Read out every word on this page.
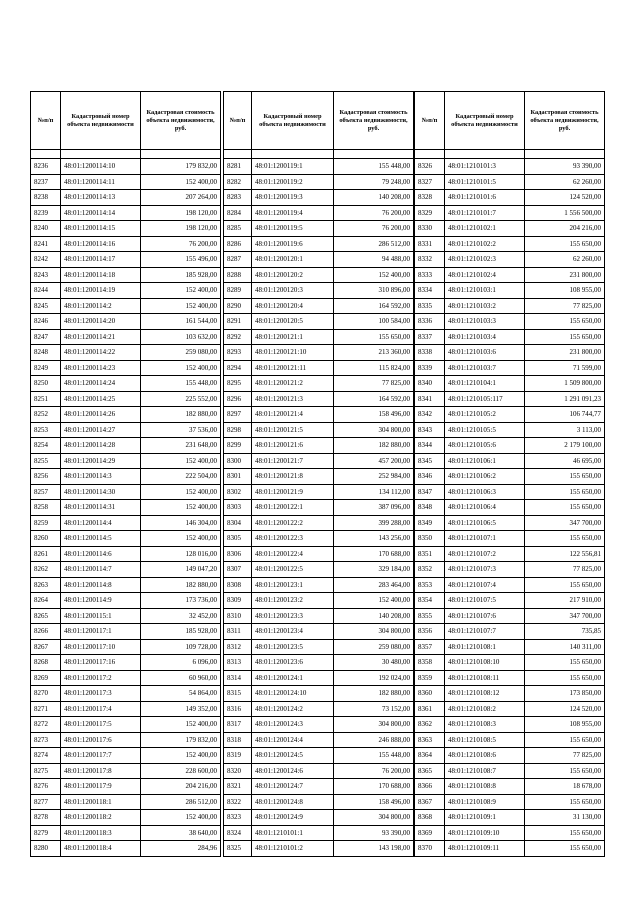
№п/п	Кадастровый номер объекта недвижимости	Кадастровая стоимость объекта недвижимости, руб.

8236	48:01:1200114:10	179 832,00
8237	48:01:1200114:11	152 400,00
8238	48:01:1200114:13	207 264,00
8239	48:01:1200114:14	198 120,00
8240	48:01:1200114:15	198 120,00
8241	48:01:1200114:16	76 200,00
8242	48:01:1200114:17	155 496,00
8243	48:01:1200114:18	185 928,00
8244	48:01:1200114:19	152 400,00
8245	48:01:1200114:2	152 400,00
8246	48:01:1200114:20	161 544,00
8247	48:01:1200114:21	103 632,00
8248	48:01:1200114:22	259 080,00
8249	48:01:1200114:23	152 400,00
8250	48:01:1200114:24	155 448,00
8251	48:01:1200114:25	225 552,00
8252	48:01:1200114:26	182 880,00
8253	48:01:1200114:27	37 536,00
8254	48:01:1200114:28	231 648,00
8255	48:01:1200114:29	152 400,00
8256	48:01:1200114:3	222 504,00
8257	48:01:1200114:30	152 400,00
8258	48:01:1200114:31	152 400,00
8259	48:01:1200114:4	146 304,00
8260	48:01:1200114:5	152 400,00
8261	48:01:1200114:6	128 016,00
8262	48:01:1200114:7	149 047,20
8263	48:01:1200114:8	182 880,00
8264	48:01:1200114:9	173 736,00
8265	48:01:1200115:1	32 452,00
8266	48:01:1200117:1	185 928,00
8267	48:01:1200117:10	109 728,00
8268	48:01:1200117:16	6 096,00
8269	48:01:1200117:2	60 960,00
8270	48:01:1200117:3	54 864,00
8271	48:01:1200117:4	149 352,00
8272	48:01:1200117:5	152 400,00
8273	48:01:1200117:6	179 832,00
8274	48:01:1200117:7	152 400,00
8275	48:01:1200117:8	228 600,00
8276	48:01:1200117:9	204 216,00
8277	48:01:1200118:1	286 512,00
8278	48:01:1200118:2	152 400,00
8279	48:01:1200118:3	38 640,00
8280	48:01:1200118:4	284,96
№п/п	Кадастровый номер объекта недвижимости	Кадастровая стоимость объекта недвижимости, руб.

8281	48:01:1200119:1	155 448,00
8282	48:01:1200119:2	79 248,00
8283	48:01:1200119:3	140 208,00
8284	48:01:1200119:4	76 200,00
8285	48:01:1200119:5	76 200,00
8286	48:01:1200119:6	286 512,00
8287	48:01:1200120:1	94 488,00
8288	48:01:1200120:2	152 400,00
8289	48:01:1200120:3	310 896,00
8290	48:01:1200120:4	164 592,00
8291	48:01:1200120:5	100 584,00
8292	48:01:1200121:1	155 650,00
8293	48:01:1200121:10	213 360,00
8294	48:01:1200121:11	115 824,00
8295	48:01:1200121:2	77 825,00
8296	48:01:1200121:3	164 592,00
8297	48:01:1200121:4	158 496,00
8298	48:01:1200121:5	304 800,00
8299	48:01:1200121:6	182 880,00
8300	48:01:1200121:7	457 200,00
8301	48:01:1200121:8	252 984,00
8302	48:01:1200121:9	134 112,00
8303	48:01:1200122:1	387 096,00
8304	48:01:1200122:2	399 288,00
8305	48:01:1200122:3	143 256,00
8306	48:01:1200122:4	170 688,00
8307	48:01:1200122:5	329 184,00
8308	48:01:1200123:1	283 464,00
8309	48:01:1200123:2	152 400,00
8310	48:01:1200123:3	140 208,00
8311	48:01:1200123:4	304 800,00
8312	48:01:1200123:5	259 080,00
8313	48:01:1200123:6	30 480,00
8314	48:01:1200124:1	192 024,00
8315	48:01:1200124:10	182 880,00
8316	48:01:1200124:2	73 152,00
8317	48:01:1200124:3	304 800,00
8318	48:01:1200124:4	246 888,00
8319	48:01:1200124:5	155 448,00
8320	48:01:1200124:6	76 200,00
8321	48:01:1200124:7	170 688,00
8322	48:01:1200124:8	158 496,00
8323	48:01:1200124:9	304 800,00
8324	48:01:1210101:1	93 390,00
8325	48:01:1210101:2	143 198,00
№п/п	Кадастровый номер объекта недвижимости	Кадастровая стоимость объекта недвижимости, руб.

8326	48:01:1210101:3	93 390,00
8327	48:01:1210101:5	62 260,00
8328	48:01:1210101:6	124 520,00
8329	48:01:1210101:7	1 556 500,00
8330	48:01:1210102:1	204 216,00
8331	48:01:1210102:2	155 650,00
8332	48:01:1210102:3	62 260,00
8333	48:01:1210102:4	231 800,00
8334	48:01:1210103:1	108 955,00
8335	48:01:1210103:2	77 825,00
8336	48:01:1210103:3	155 650,00
8337	48:01:1210103:4	155 650,00
8338	48:01:1210103:6	231 800,00
8339	48:01:1210103:7	71 599,00
8340	48:01:1210104:1	1 509 800,00
8341	48:01:1210105:117	1 291 091,23
8342	48:01:1210105:2	106 744,77
8343	48:01:1210105:5	3 113,00
8344	48:01:1210105:6	2 179 100,00
8345	48:01:1210106:1	46 695,00
8346	48:01:1210106:2	155 650,00
8347	48:01:1210106:3	155 650,00
8348	48:01:1210106:4	155 650,00
8349	48:01:1210106:5	347 700,00
8350	48:01:1210107:1	155 650,00
8351	48:01:1210107:2	122 556,81
8352	48:01:1210107:3	77 825,00
8353	48:01:1210107:4	155 650,00
8354	48:01:1210107:5	217 910,00
8355	48:01:1210107:6	347 700,00
8356	48:01:1210107:7	735,85
8357	48:01:1210108:1	140 311,00
8358	48:01:1210108:10	155 650,00
8359	48:01:1210108:11	155 650,00
8360	48:01:1210108:12	173 850,00
8361	48:01:1210108:2	124 520,00
8362	48:01:1210108:3	108 955,00
8363	48:01:1210108:5	155 650,00
8364	48:01:1210108:6	77 825,00
8365	48:01:1210108:7	155 650,00
8366	48:01:1210108:8	18 678,00
8367	48:01:1210108:9	155 650,00
8368	48:01:1210109:1	31 130,00
8369	48:01:1210109:10	155 650,00
8370	48:01:1210109:11	155 650,00
